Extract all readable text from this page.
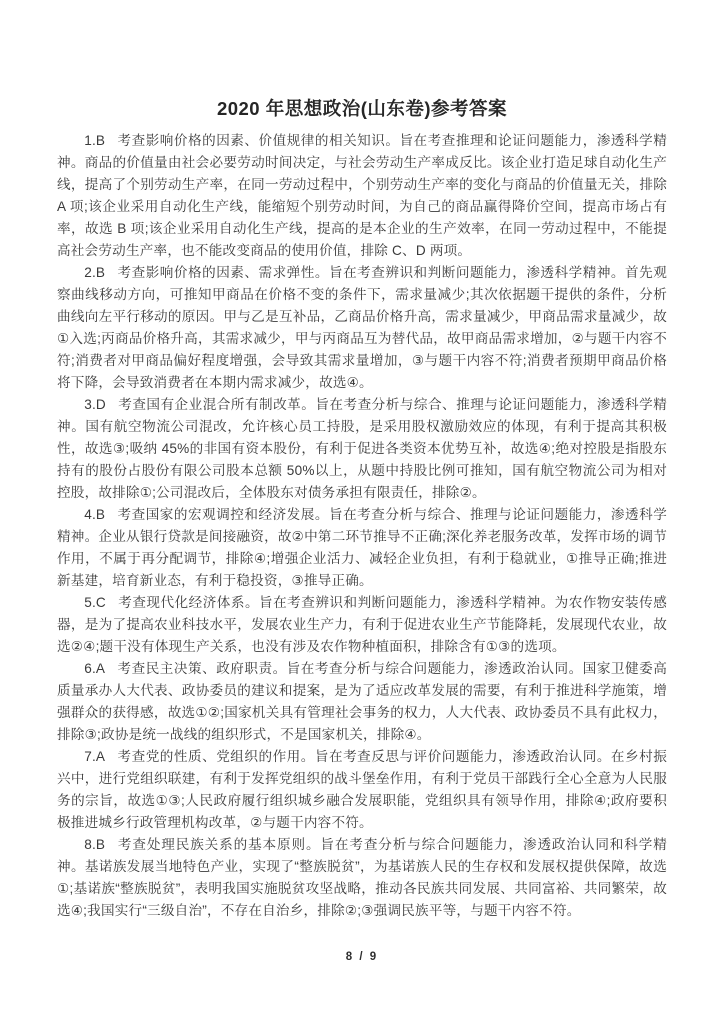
2020 年思想政治(山东卷)参考答案

1.B 考查影响价格的因素、价值规律的相关知识。旨在考查推理和论证问题能力，渗透科学精神。商品的价值量由社会必要劳动时间决定，与社会劳动生产率成反比。该企业打造足球自动化生产线，提高了个别劳动生产率，在同一劳动过程中，个别劳动生产率的变化与商品的价值量无关，排除 A 项;该企业采用自动化生产线，能缩短个别劳动时间，为自己的商品赢得降价空间，提高市场占有率，故选 B 项;该企业采用自动化生产线，提高的是本企业的生产效率，在同一劳动过程中，不能提高社会劳动生产率，也不能改变商品的使用价值，排除 C、D 两项。

2.B 考查影响价格的因素、需求弹性。旨在考查辨识和判断问题能力，渗透科学精神。首先观察曲线移动方向，可推知甲商品在价格不变的条件下，需求量减少;其次依据题干提供的条件，分析曲线向左平行移动的原因。甲与乙是互补品，乙商品价格升高，需求量减少，甲商品需求量减少，故①入选;丙商品价格升高，其需求减少，甲与丙商品互为替代品，故甲商品需求增加，②与题干内容不符;消费者对甲商品偏好程度增强，会导致其需求量增加，③与题干内容不符;消费者预期甲商品价格将下降，会导致消费者在本期内需求减少，故选④。

3.D 考查国有企业混合所有制改革。旨在考查分析与综合、推理与论证问题能力，渗透科学精神。国有航空物流公司混改，允许核心员工持股，是采用股权激励效应的体现，有利于提高其积极性，故选③;吸纳 45%的非国有资本股份，有利于促进各类资本优势互补，故选④;绝对控股是指股东持有的股份占股份有限公司股本总额 50%以上，从题中持股比例可推知，国有航空物流公司为相对控股，故排除①;公司混改后，全体股东对债务承担有限责任，排除②。

4.B 考查国家的宏观调控和经济发展。旨在考查分析与综合、推理与论证问题能力，渗透科学精神。企业从银行贷款是间接融资，故②中第二环节推导不正确;深化养老服务改革，发挥市场的调节作用，不属于再分配调节，排除④;增强企业活力、减轻企业负担，有利于稳就业，①推导正确;推进新基建，培育新业态，有利于稳投资，③推导正确。

5.C 考查现代化经济体系。旨在考查辨识和判断问题能力，渗透科学精神。为农作物安装传感器，是为了提高农业科技水平，发展农业生产力，有利于促进农业生产节能降耗，发展现代农业，故选②④;题干没有体现生产关系，也没有涉及农作物种植面积，排除含有①③的选项。

6.A 考查民主决策、政府职责。旨在考查分析与综合问题能力，渗透政治认同。国家卫健委高质量承办人大代表、政协委员的建议和提案，是为了适应改革发展的需要，有利于推进科学施策，增强群众的获得感，故选①②;国家机关具有管理社会事务的权力，人大代表、政协委员不具有此权力，排除③;政协是统一战线的组织形式，不是国家机关，排除④。

7.A 考查党的性质、党组织的作用。旨在考查反思与评价问题能力，渗透政治认同。在乡村振兴中，进行党组织联建，有利于发挥党组织的战斗堡垒作用，有利于党员干部践行全心全意为人民服务的宗旨，故选①③;人民政府履行组织城乡融合发展职能，党组织具有领导作用，排除④;政府要积极推进城乡行政管理机构改革，②与题干内容不符。

8.B 考查处理民族关系的基本原则。旨在考查分析与综合问题能力，渗透政治认同和科学精神。基诺族发展当地特色产业，实现了“整族脱贫”，为基诺族人民的生存权和发展权提供保障，故选①;基诺族“整族脱贫”，表明我国实施脱贫攻坚战略，推动各民族共同发展、共同富裕、共同繁荣，故选④;我国实行“三级自治”，不存在自治乡，排除②;③强调民族平等，与题干内容不符。

8 / 9
